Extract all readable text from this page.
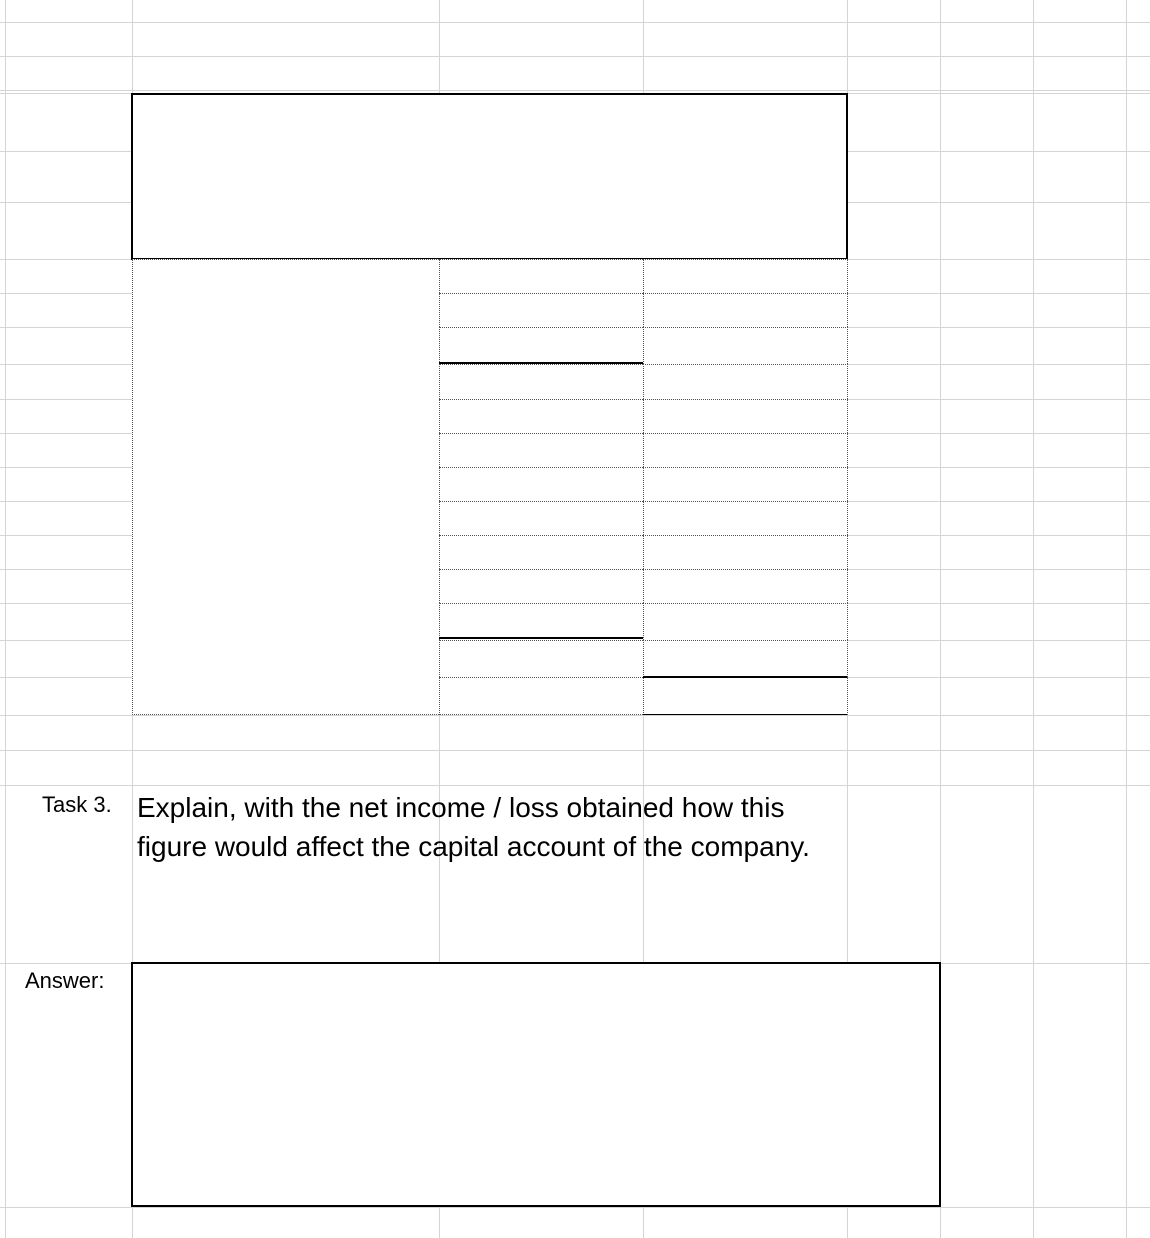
Task 3. Explain, with the net income / loss obtained how this
figure would affect the capital account of the company.
Answer:
